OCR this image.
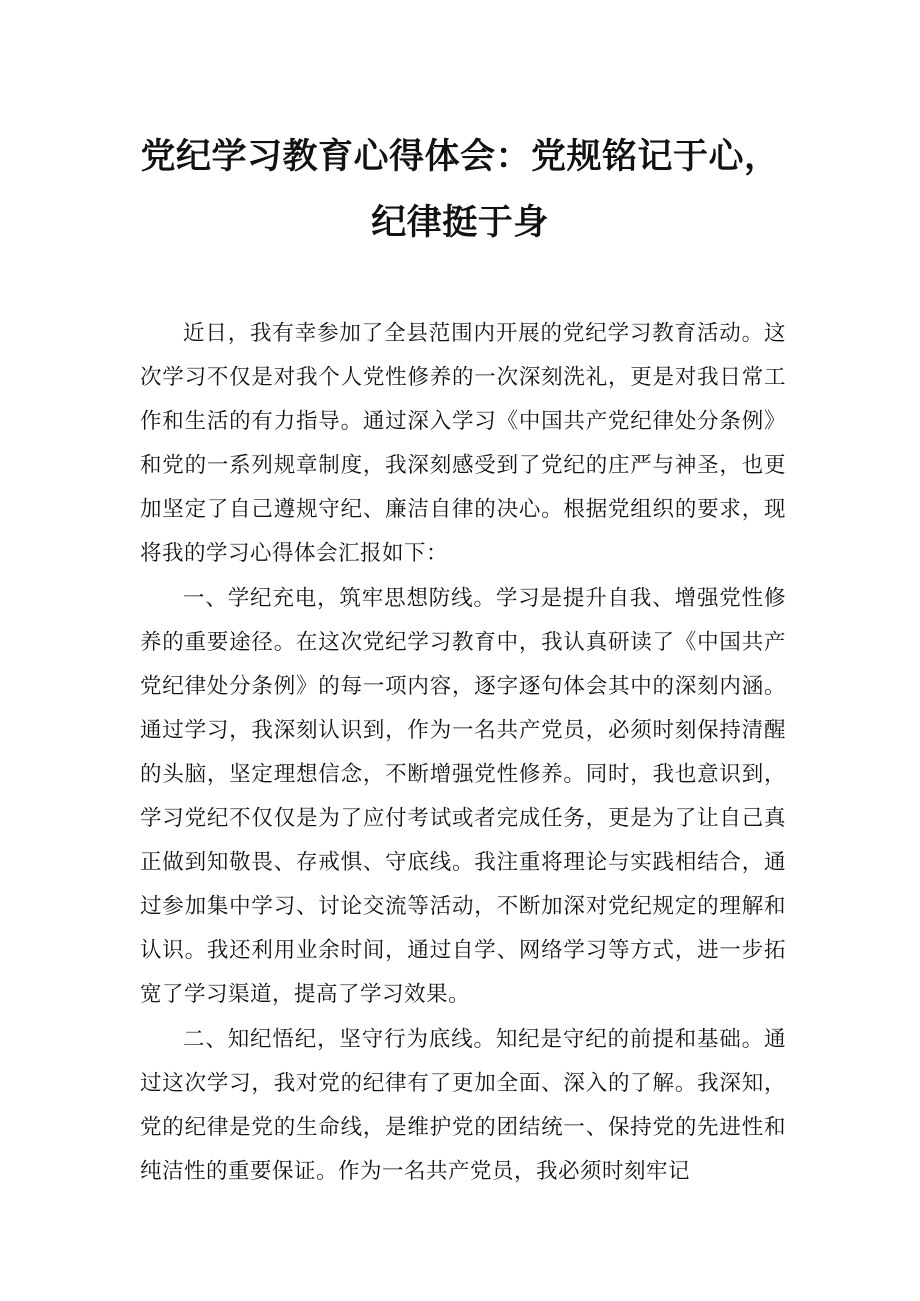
党纪学习教育心得体会：党规铭记于心，纪律挺于身

近日，我有幸参加了全县范围内开展的党纪学习教育活动。这次学习不仅是对我个人党性修养的一次深刻洗礼，更是对我日常工作和生活的有力指导。通过深入学习《中国共产党纪律处分条例》和党的一系列规章制度，我深刻感受到了党纪的庄严与神圣，也更加坚定了自己遵规守纪、廉洁自律的决心。根据党组织的要求，现将我的学习心得体会汇报如下：

一、学纪充电，筑牢思想防线。学习是提升自我、增强党性修养的重要途径。在这次党纪学习教育中，我认真研读了《中国共产党纪律处分条例》的每一项内容，逐字逐句体会其中的深刻内涵。通过学习，我深刻认识到，作为一名共产党员，必须时刻保持清醒的头脑，坚定理想信念，不断增强党性修养。同时，我也意识到，学习党纪不仅仅是为了应付考试或者完成任务，更是为了让自己真正做到知敬畏、存戒惧、守底线。我注重将理论与实践相结合，通过参加集中学习、讨论交流等活动，不断加深对党纪规定的理解和认识。我还利用业余时间，通过自学、网络学习等方式，进一步拓宽了学习渠道，提高了学习效果。

二、知纪悟纪，坚守行为底线。知纪是守纪的前提和基础。通过这次学习，我对党的纪律有了更加全面、深入的了解。我深知，党的纪律是党的生命线，是维护党的团结统一、保持党的先进性和纯洁性的重要保证。作为一名共产党员，我必须时刻牢记
